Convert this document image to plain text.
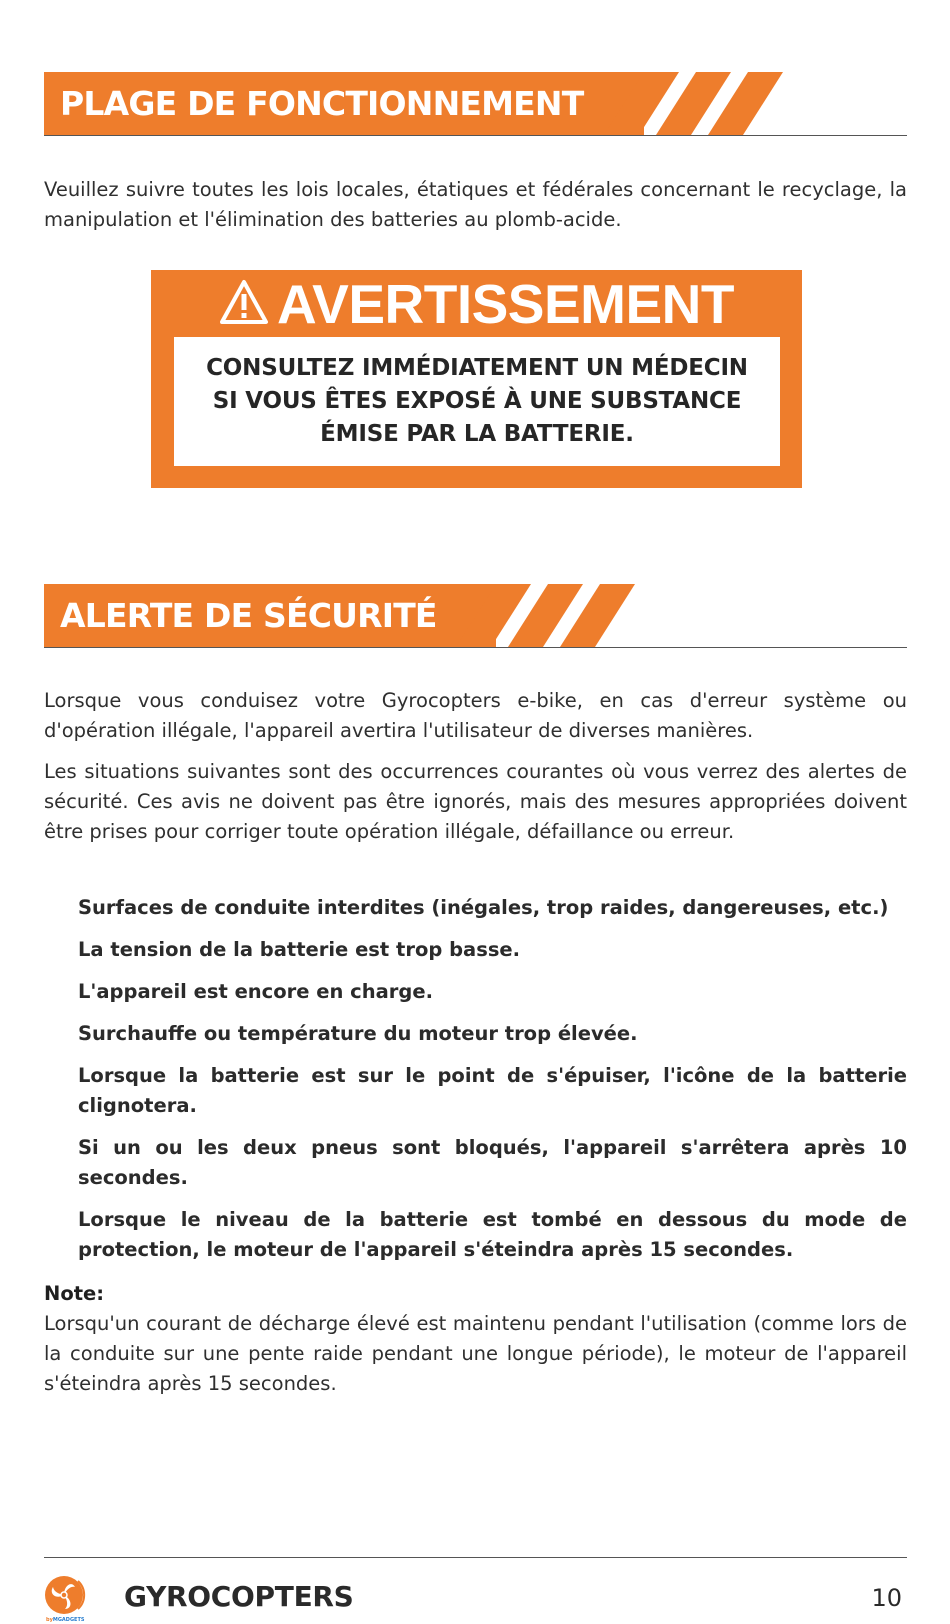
PLAGE DE FONCTIONNEMENT

Veuillez suivre toutes les lois locales, étatiques et fédérales concernant le recyclage, la manipulation et l'élimination des batteries au plomb-acide.

AVERTISSEMENT
CONSULTEZ IMMÉDIATEMENT UN MÉDECIN
SI VOUS ÊTES EXPOSÉ À UNE SUBSTANCE
ÉMISE PAR LA BATTERIE.
ALERTE DE SÉCURITÉ

Lorsque vous conduisez votre Gyrocopters e-bike, en cas d'erreur système ou d'opération illégale, l'appareil avertira l'utilisateur de diverses manières.

Les situations suivantes sont des occurrences courantes où vous verrez des alertes de sécurité. Ces avis ne doivent pas être ignorés, mais des mesures appropriées doivent être prises pour corriger toute opération illégale, défaillance ou erreur.

Surfaces de conduite interdites (inégales, trop raides, dangereuses, etc.)
La tension de la batterie est trop basse.
L'appareil est encore en charge.
Surchauffe ou température du moteur trop élevée.
Lorsque la batterie est sur le point de s'épuiser, l'icône de la batterie clignotera.
Si un ou les deux pneus sont bloqués, l'appareil s'arrêtera après 10 secondes.
Lorsque le niveau de la batterie est tombé en dessous du mode de protection, le moteur de l'appareil s'éteindra après 15 secondes.
Note:

Lorsqu'un courant de décharge élevé est maintenu pendant l'utilisation (comme lors de la conduite sur une pente raide pendant une longue période), le moteur de l'appareil s'éteindra après 15 secondes.

byMGADGETS
GYROCOPTERS	10
